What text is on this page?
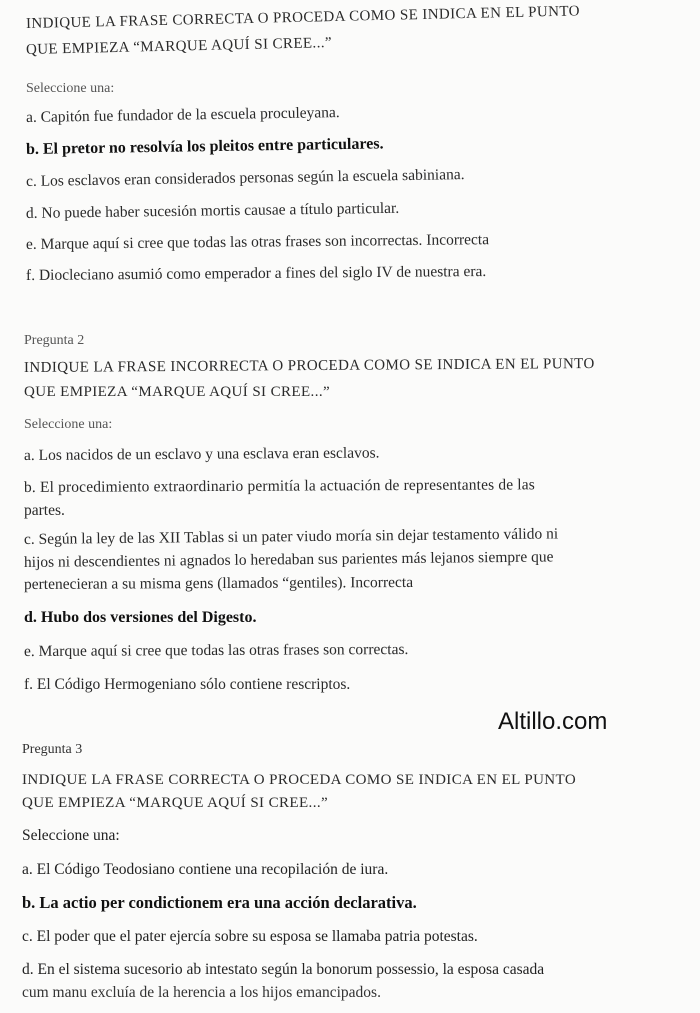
INDIQUE LA FRASE CORRECTA O PROCEDA COMO SE INDICA EN EL PUNTO
QUE EMPIEZA “MARQUE AQUÍ SI CREE...”
Seleccione una:
a. Capitón fue fundador de la escuela proculeyana.
b. El pretor no resolvía los pleitos entre particulares.
c. Los esclavos eran considerados personas según la escuela sabiniana.
d. No puede haber sucesión mortis causae a título particular.
e. Marque aquí si cree que todas las otras frases son incorrectas. Incorrecta
f. Diocleciano asumió como emperador a fines del siglo IV de nuestra era.
Pregunta 2
INDIQUE LA FRASE INCORRECTA O PROCEDA COMO SE INDICA EN EL PUNTO
QUE EMPIEZA “MARQUE AQUÍ SI CREE...”
Seleccione una:
a. Los nacidos de un esclavo y una esclava eran esclavos.
b. El procedimiento extraordinario permitía la actuación de representantes de las
partes.
c. Según la ley de las XII Tablas si un pater viudo moría sin dejar testamento válido ni
hijos ni descendientes ni agnados lo heredaban sus parientes más lejanos siempre que
pertenecieran a su misma gens (llamados “gentiles). Incorrecta
d. Hubo dos versiones del Digesto.
e. Marque aquí si cree que todas las otras frases son correctas.
f. El Código Hermogeniano sólo contiene rescriptos.
Altillo.com
Pregunta 3
INDIQUE LA FRASE CORRECTA O PROCEDA COMO SE INDICA EN EL PUNTO
QUE EMPIEZA “MARQUE AQUÍ SI CREE...”
Seleccione una:
a. El Código Teodosiano contiene una recopilación de iura.
b. La actio per condictionem era una acción declarativa.
c. El poder que el pater ejercía sobre su esposa se llamaba patria potestas.
d. En el sistema sucesorio ab intestato según la bonorum possessio, la esposa casada
cum manu excluía de la herencia a los hijos emancipados.
